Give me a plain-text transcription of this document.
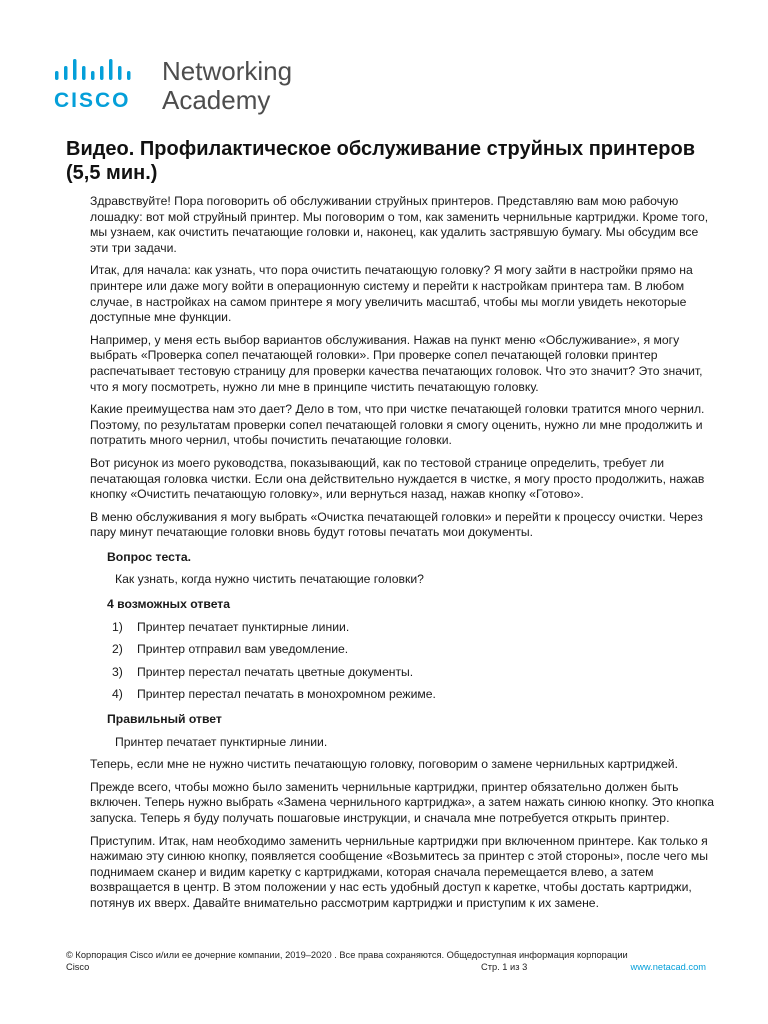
CISCO
Networking
Academy
Видео. Профилактическое обслуживание струйных принтеров (5,5 мин.)

Здравствуйте! Пора поговорить об обслуживании струйных принтеров. Представляю вам мою рабочую лошадку: вот мой струйный принтер. Мы поговорим о том, как заменить чернильные картриджи. Кроме того, мы узнаем, как очистить печатающие головки и, наконец, как удалить застрявшую бумагу. Мы обсудим все эти три задачи.

Итак, для начала: как узнать, что пора очистить печатающую головку? Я могу зайти в настройки прямо на принтере или даже могу войти в операционную систему и перейти к настройкам принтера там. В любом случае, в настройках на самом принтере я могу увеличить масштаб, чтобы мы могли увидеть некоторые доступные мне функции.

Например, у меня есть выбор вариантов обслуживания. Нажав на пункт меню «Обслуживание», я могу выбрать «Проверка сопел печатающей головки». При проверке сопел печатающей головки принтер распечатывает тестовую страницу для проверки качества печатающих головок. Что это значит? Это значит, что я могу посмотреть, нужно ли мне в принципе чистить печатающую головку.

Какие преимущества нам это дает? Дело в том, что при чистке печатающей головки тратится много чернил. Поэтому, по результатам проверки сопел печатающей головки я смогу оценить, нужно ли мне продолжить и потратить много чернил, чтобы почистить печатающие головки.

Вот рисунок из моего руководства, показывающий, как по тестовой странице определить, требует ли печатающая головка чистки. Если она действительно нуждается в чистке, я могу просто продолжить, нажав кнопку «Очистить печатающую головку», или вернуться назад, нажав кнопку «Готово».

В меню обслуживания я могу выбрать «Очистка печатающей головки» и перейти к процессу очистки. Через пару минут печатающие головки вновь будут готовы печатать мои документы.

Вопрос теста.

Как узнать, когда нужно чистить печатающие головки?

4 возможных ответа

1)	Принтер печатает пунктирные линии.
2)	Принтер отправил вам уведомление.
3)	Принтер перестал печатать цветные документы.
4)	Принтер перестал печатать в монохромном режиме.

Правильный ответ

Принтер печатает пунктирные линии.

Теперь, если мне не нужно чистить печатающую головку, поговорим о замене чернильных картриджей.

Прежде всего, чтобы можно было заменить чернильные картриджи, принтер обязательно должен быть включен. Теперь нужно выбрать «Замена чернильного картриджа», а затем нажать синюю кнопку. Это кнопка запуска. Теперь я буду получать пошаговые инструкции, и сначала мне потребуется открыть принтер.

Приступим. Итак, нам необходимо заменить чернильные картриджи при включенном принтере. Как только я нажимаю эту синюю кнопку, появляется сообщение «Возьмитесь за принтер с этой стороны», после чего мы поднимаем сканер и видим каретку с картриджами, которая сначала перемещается влево, а затем возвращается в центр. В этом положении у нас есть удобный доступ к каретке, чтобы достать картриджи, потянув их вверх. Давайте внимательно рассмотрим картриджи и приступим к их замене.

© Корпорация Cisco и/или ее дочерние компании, 2019–2020 . Все права сохраняются. Общедоступная информация корпорации
Cisco	Стр. 1 из 3	www.netacad.com
